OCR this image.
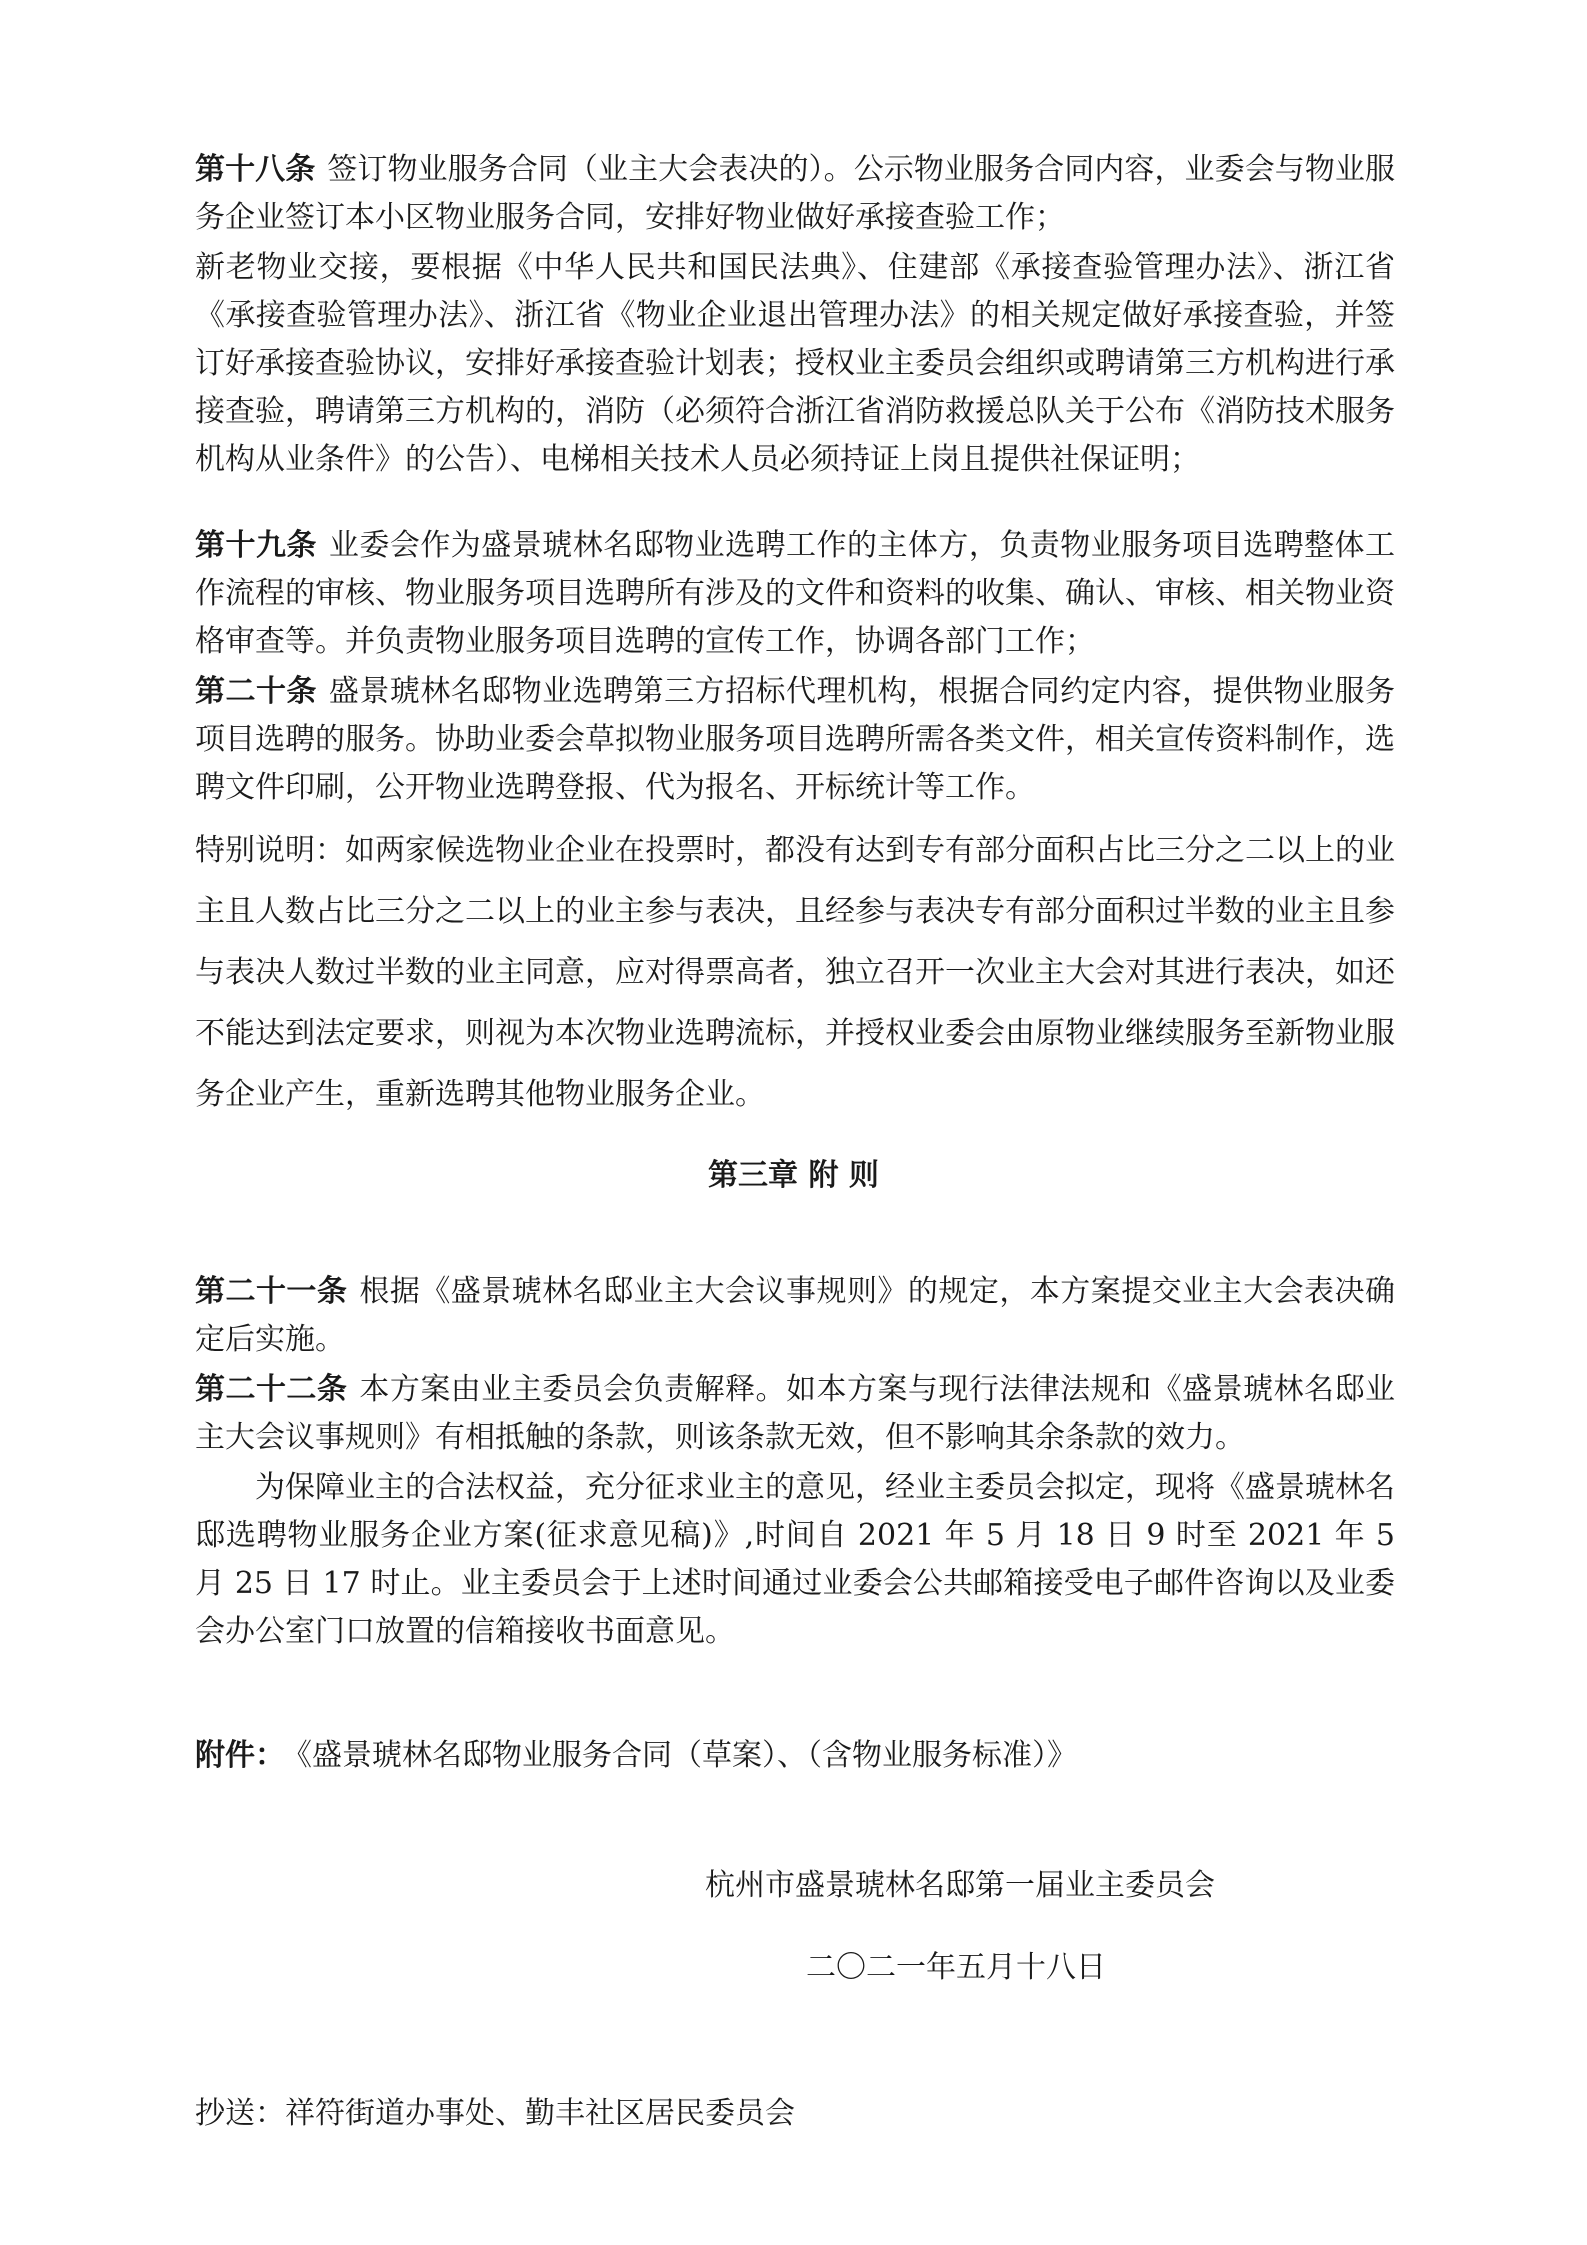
第十八条 签订物业服务合同（业主大会表决的）。公示物业服务合同内容，业委会与物业服务企业签订本小区物业服务合同，安排好物业做好承接查验工作；

新老物业交接，要根据《中华人民共和国民法典》、住建部《承接查验管理办法》、浙江省《承接查验管理办法》、浙江省《物业企业退出管理办法》的相关规定做好承接查验，并签订好承接查验协议，安排好承接查验计划表；授权业主委员会组织或聘请第三方机构进行承接查验，聘请第三方机构的，消防（必须符合浙江省消防救援总队关于公布《消防技术服务机构从业条件》的公告）、电梯相关技术人员必须持证上岗且提供社保证明；

第十九条 业委会作为盛景琥林名邸物业选聘工作的主体方，负责物业服务项目选聘整体工作流程的审核、物业服务项目选聘所有涉及的文件和资料的收集、确认、审核、相关物业资格审查等。并负责物业服务项目选聘的宣传工作，协调各部门工作；

第二十条 盛景琥林名邸物业选聘第三方招标代理机构，根据合同约定内容，提供物业服务项目选聘的服务。协助业委会草拟物业服务项目选聘所需各类文件，相关宣传资料制作，选聘文件印刷，公开物业选聘登报、代为报名、开标统计等工作。

特别说明：如两家候选物业企业在投票时，都没有达到专有部分面积占比三分之二以上的业主且人数占比三分之二以上的业主参与表决，且经参与表决专有部分面积过半数的业主且参与表决人数过半数的业主同意，应对得票高者，独立召开一次业主大会对其进行表决，如还不能达到法定要求，则视为本次物业选聘流标，并授权业委会由原物业继续服务至新物业服务企业产生，重新选聘其他物业服务企业。

第三章 附 则

第二十一条 根据《盛景琥林名邸业主大会议事规则》的规定，本方案提交业主大会表决确定后实施。

第二十二条 本方案由业主委员会负责解释。如本方案与现行法律法规和《盛景琥林名邸业主大会议事规则》有相抵触的条款，则该条款无效，但不影响其余条款的效力。

为保障业主的合法权益，充分征求业主的意见，经业主委员会拟定，现将《盛景琥林名邸选聘物业服务企业方案(征求意见稿)》,时间自 2021 年 5 月 18 日 9 时至 2021 年 5 月 25 日 17 时止。业主委员会于上述时间通过业委会公共邮箱接受电子邮件咨询以及业委会办公室门口放置的信箱接收书面意见。

附件： 《盛景琥林名邸物业服务合同（草案）、（含物业服务标准）》

杭州市盛景琥林名邸第一届业主委员会

二〇二一年五月十八日

抄送：祥符街道办事处、勤丰社区居民委员会
